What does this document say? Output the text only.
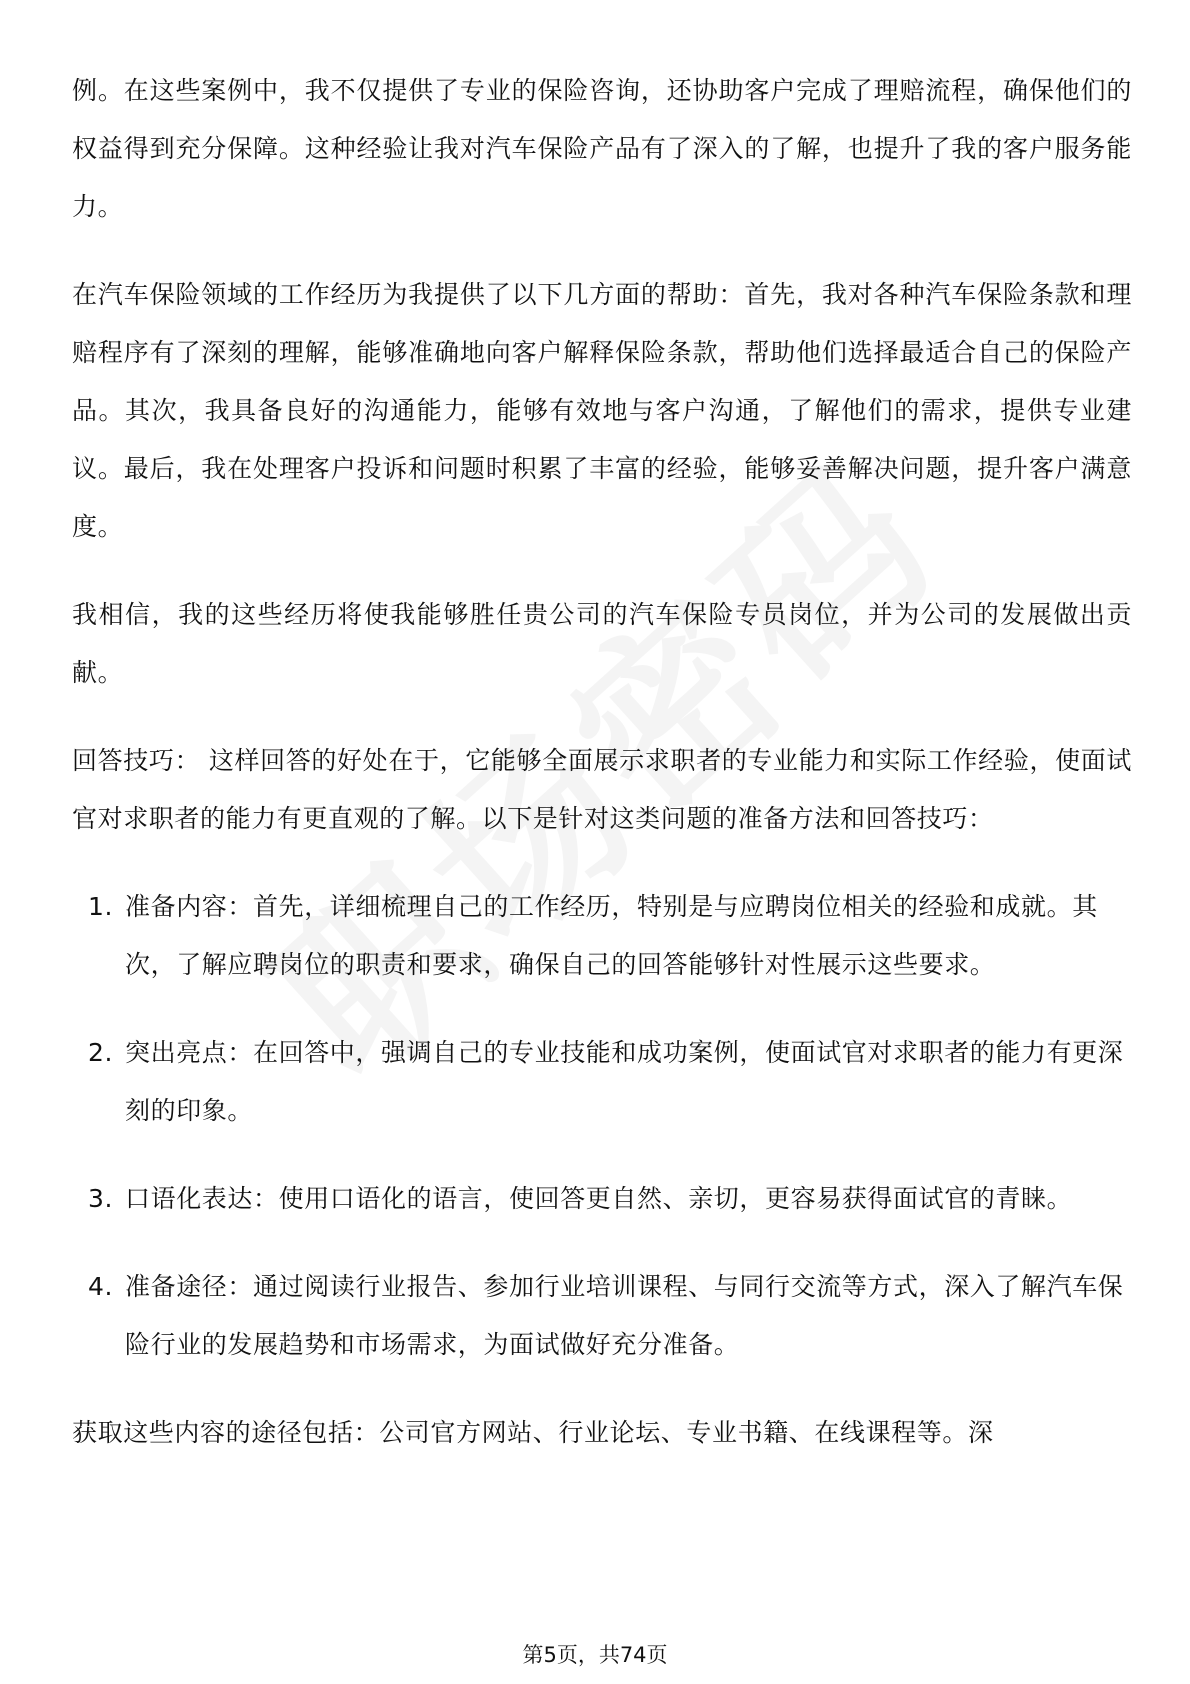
例。在这些案例中，我不仅提供了专业的保险咨询，还协助客户完成了理赔流程，确保他们的权益得到充分保障。这种经验让我对汽车保险产品有了深入的了解，也提升了我的客户服务能力。

在汽车保险领域的工作经历为我提供了以下几方面的帮助：首先，我对各种汽车保险条款和理赔程序有了深刻的理解，能够准确地向客户解释保险条款，帮助他们选择最适合自己的保险产品。其次，我具备良好的沟通能力，能够有效地与客户沟通，了解他们的需求，提供专业建议。最后，我在处理客户投诉和问题时积累了丰富的经验，能够妥善解决问题，提升客户满意度。

我相信，我的这些经历将使我能够胜任贵公司的汽车保险专员岗位，并为公司的发展做出贡献。

回答技巧： 这样回答的好处在于，它能够全面展示求职者的专业能力和实际工作经验，使面试官对求职者的能力有更直观的了解。以下是针对这类问题的准备方法和回答技巧：

1. 准备内容：首先，详细梳理自己的工作经历，特别是与应聘岗位相关的经验和成就。其次，了解应聘岗位的职责和要求，确保自己的回答能够针对性展示这些要求。
2. 突出亮点：在回答中，强调自己的专业技能和成功案例，使面试官对求职者的能力有更深刻的印象。
3. 口语化表达：使用口语化的语言，使回答更自然、亲切，更容易获得面试官的青睐。
4. 准备途径：通过阅读行业报告、参加行业培训课程、与同行交流等方式，深入了解汽车保险行业的发展趋势和市场需求，为面试做好充分准备。

获取这些内容的途径包括：公司官方网站、行业论坛、专业书籍、在线课程等。深

第5页，共74页
